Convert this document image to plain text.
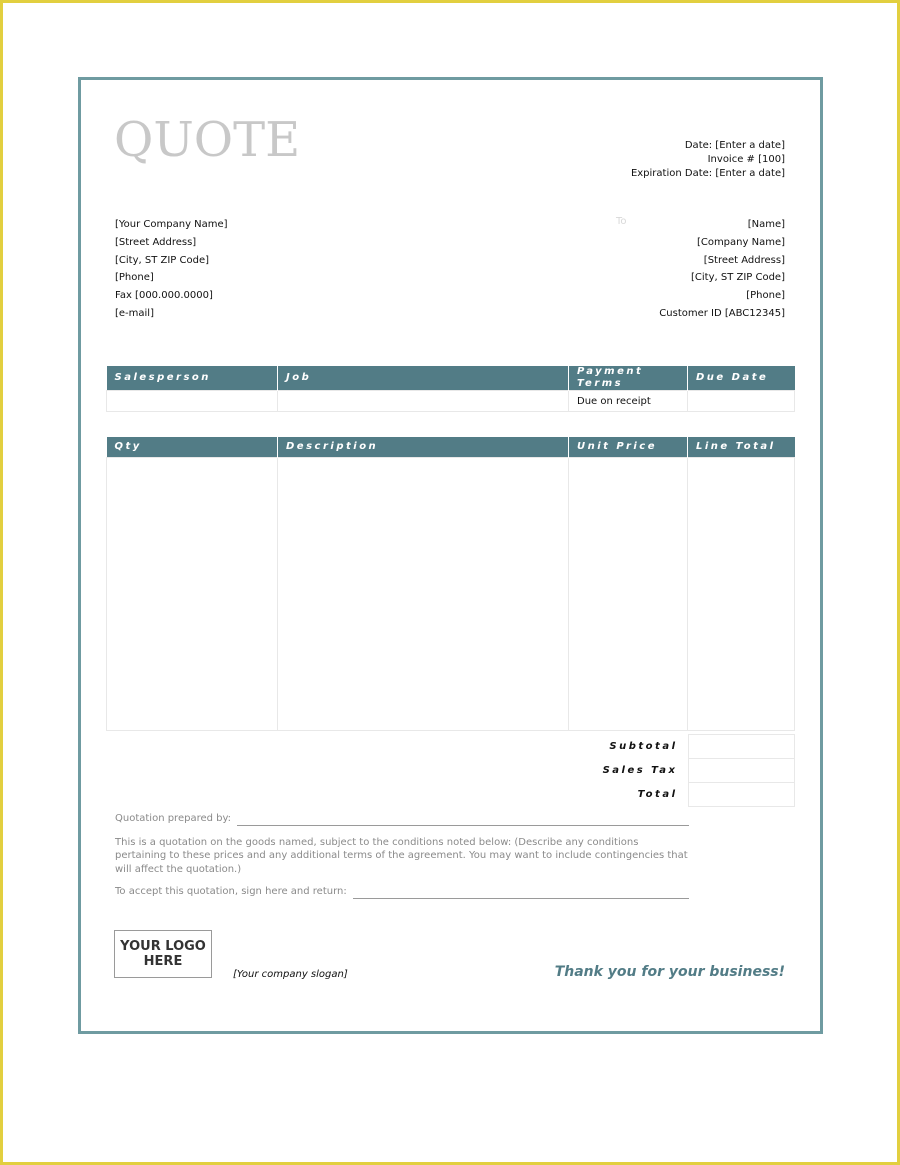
QUOTE	Date: [Enter a date]
Invoice # [100]
Expiration Date: [Enter a date]
[Your Company Name]
[Street Address]
[City, ST ZIP Code]
[Phone]
Fax [000.000.0000]
[e-mail]
To	[Name]
[Company Name]
[Street Address]
[City, ST ZIP Code]
[Phone]
Customer ID [ABC12345]
Salesperson	Job	Payment Terms	Due Date
		Due on receipt	
Qty	Description	Unit Price	Line Total

Subtotal	
Sales Tax	
Total	
Quotation prepared by:
This is a quotation on the goods named, subject to the conditions noted below: (Describe any conditions pertaining to these prices and any additional terms of the agreement. You may want to include contingencies that will affect the quotation.)
To accept this quotation, sign here and return:
YOUR LOGO HERE
[Your company slogan]	Thank you for your business!
